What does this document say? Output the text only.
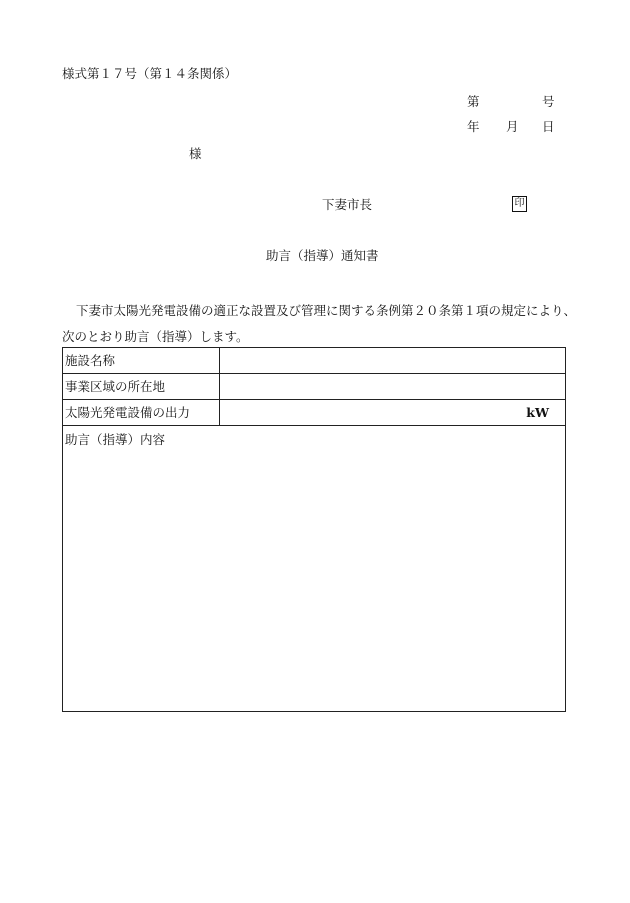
様式第１７号（第１４条関係）
第	号
年 月 日
様
下妻市長	印
助言（指導）通知書
下妻市太陽光発電設備の適正な設置及び管理に関する条例第２０条第１項の規定により、
次のとおり助言（指導）します。
施設名称
事業区域の所在地
太陽光発電設備の出力	kW
助言（指導）内容
